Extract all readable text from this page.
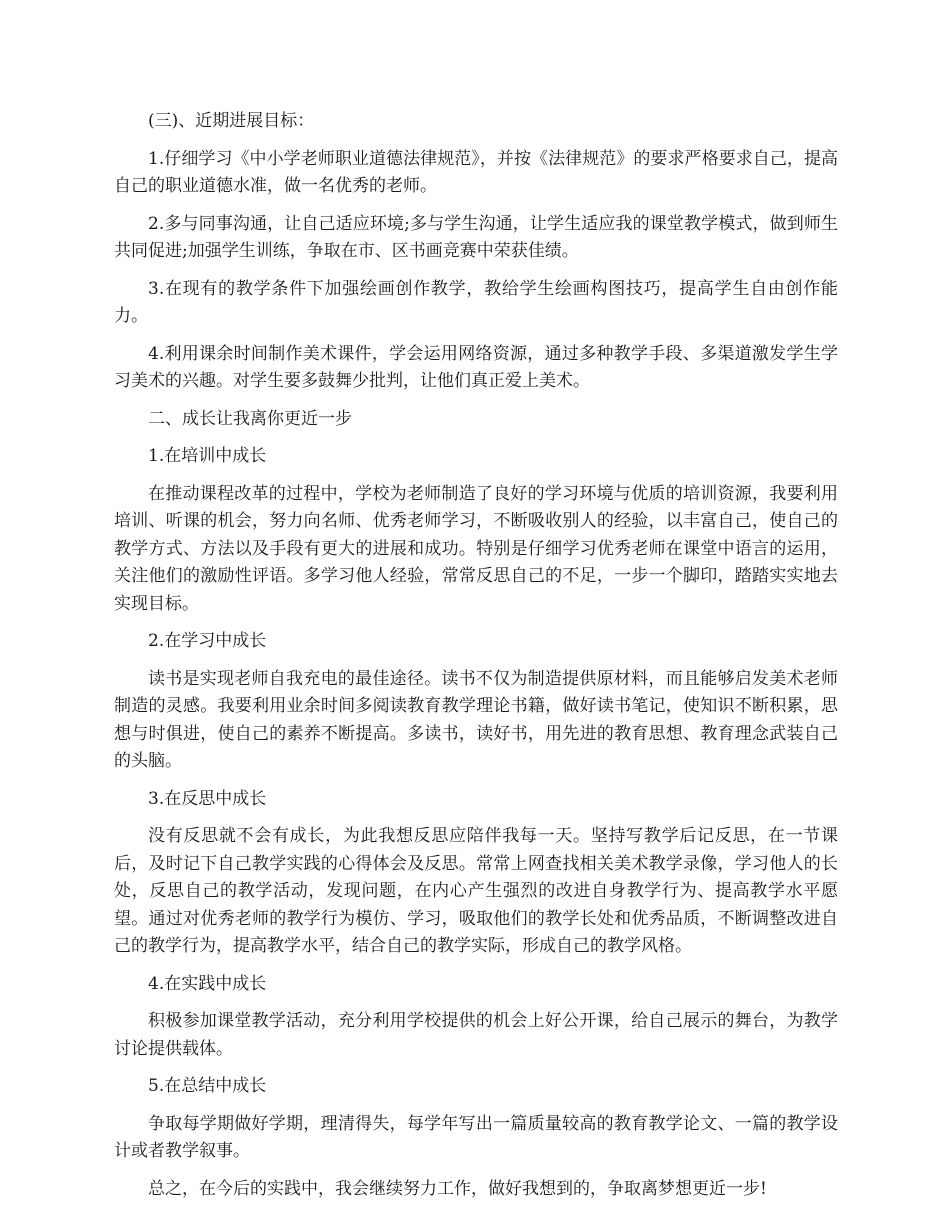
(三)、近期进展目标：

1.仔细学习《中小学老师职业道德法律规范》，并按《法律规范》的要求严格要求自己，提高自己的职业道德水准，做一名优秀的老师。

2.多与同事沟通，让自己适应环境;多与学生沟通，让学生适应我的课堂教学模式，做到师生共同促进;加强学生训练，争取在市、区书画竞赛中荣获佳绩。

3.在现有的教学条件下加强绘画创作教学，教给学生绘画构图技巧，提高学生自由创作能力。

4.利用课余时间制作美术课件，学会运用网络资源，通过多种教学手段、多渠道激发学生学习美术的兴趣。对学生要多鼓舞少批判，让他们真正爱上美术。

二、成长让我离你更近一步

1.在培训中成长

在推动课程改革的过程中，学校为老师制造了良好的学习环境与优质的培训资源，我要利用培训、听课的机会，努力向名师、优秀老师学习，不断吸收别人的经验，以丰富自己，使自己的教学方式、方法以及手段有更大的进展和成功。特别是仔细学习优秀老师在课堂中语言的运用，关注他们的激励性评语。多学习他人经验，常常反思自己的不足，一步一个脚印，踏踏实实地去实现目标。

2.在学习中成长

读书是实现老师自我充电的最佳途径。读书不仅为制造提供原材料，而且能够启发美术老师制造的灵感。我要利用业余时间多阅读教育教学理论书籍，做好读书笔记，使知识不断积累，思想与时俱进，使自己的素养不断提高。多读书，读好书，用先进的教育思想、教育理念武装自己的头脑。

3.在反思中成长

没有反思就不会有成长，为此我想反思应陪伴我每一天。坚持写教学后记反思，在一节课后，及时记下自己教学实践的心得体会及反思。常常上网查找相关美术教学录像，学习他人的长处，反思自己的教学活动，发现问题，在内心产生强烈的改进自身教学行为、提高教学水平愿望。通过对优秀老师的教学行为模仿、学习，吸取他们的教学长处和优秀品质，不断调整改进自己的教学行为，提高教学水平，结合自己的教学实际，形成自己的教学风格。

4.在实践中成长

积极参加课堂教学活动，充分利用学校提供的机会上好公开课，给自己展示的舞台，为教学讨论提供载体。

5.在总结中成长

争取每学期做好学期，理清得失，每学年写出一篇质量较高的教育教学论文、一篇的教学设计或者教学叙事。

总之，在今后的实践中，我会继续努力工作，做好我想到的，争取离梦想更近一步!
